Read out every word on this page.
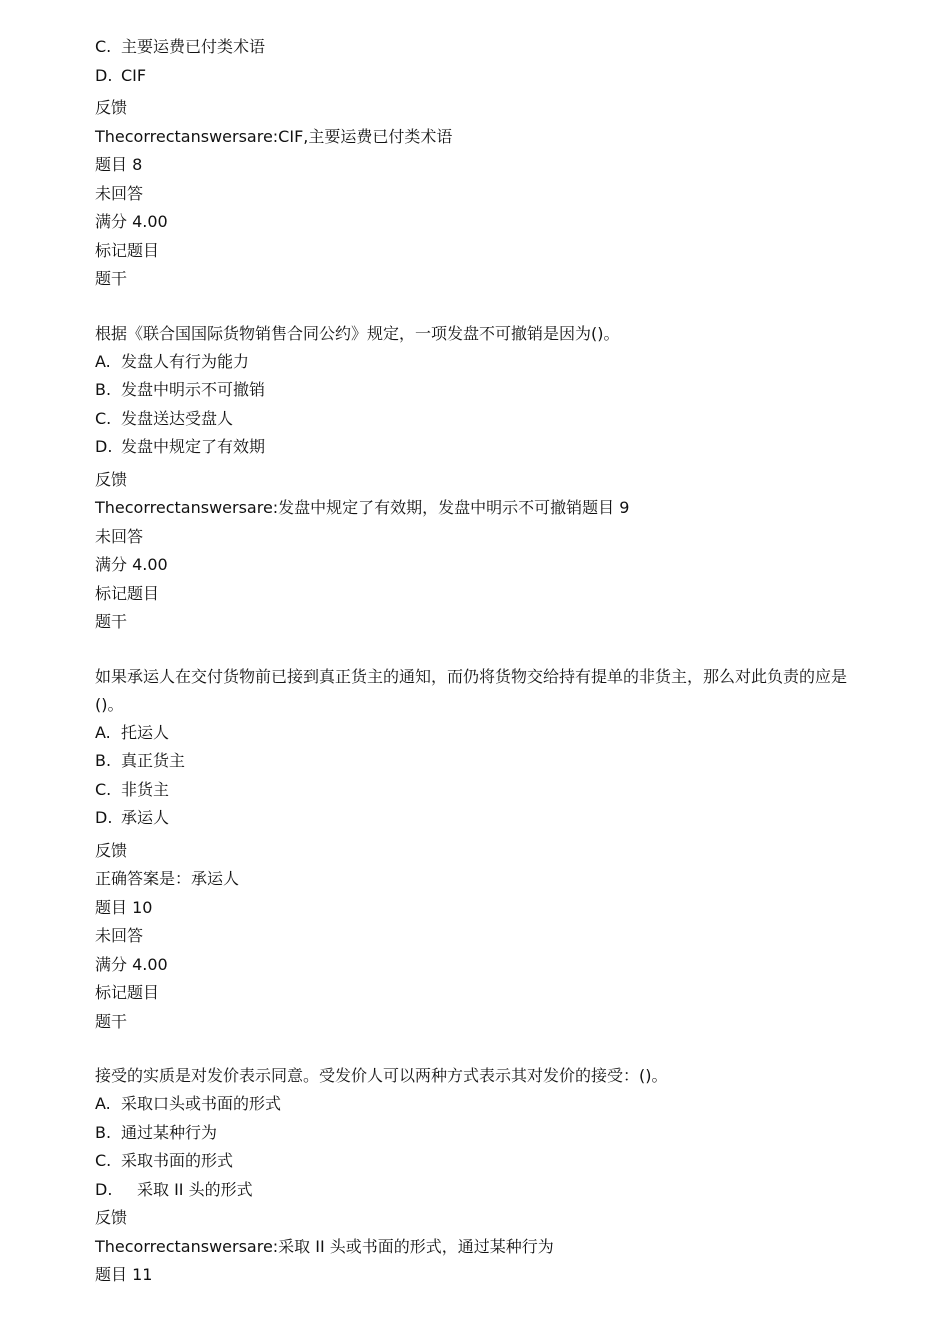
C. 主要运费已付类术语
D. CIF
反馈
Thecorrectanswersare:CIF,主要运费已付类术语
题目 8
未回答
满分 4.00
标记题目
题干

根据《联合国国际货物销售合同公约》规定，一项发盘不可撤销是因为()。

A. 发盘人有行为能力
B. 发盘中明示不可撤销
C. 发盘送达受盘人
D. 发盘中规定了有效期
反馈
Thecorrectanswersare:发盘中规定了有效期，发盘中明示不可撤销题目 9
未回答
满分 4.00
标记题目
题干

如果承运人在交付货物前已接到真正货主的通知，而仍将货物交给持有提单的非货主，那么对此负责的应是()。

A. 托运人
B. 真正货主
C. 非货主
D. 承运人
反馈
正确答案是：承运人
题目 10
未回答
满分 4.00
标记题目
题干

接受的实质是对发价表示同意。受发价人可以两种方式表示其对发价的接受：()。

A. 采取口头或书面的形式
B. 通过某种行为
C. 采取书面的形式
D. 采取 II 头的形式
反馈
Thecorrectanswersare:采取 II 头或书面的形式，通过某种行为
题目 11
